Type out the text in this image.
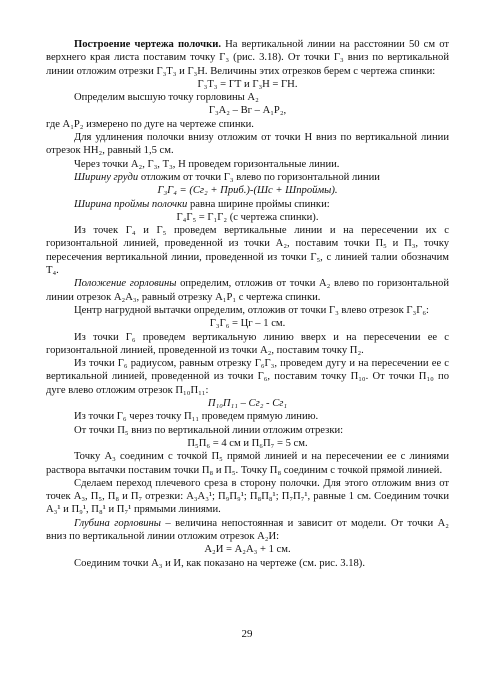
Построение чертежа полочки. На вертикальной линии на расстоянии 50 см от верхнего края листа поставим точку Г₃ (рис. 3.18). От точки Г₃ вниз по вертикальной линии отложим отрезки Г₃Т₃ и Г₃Н. Величины этих отрезков берем с чертежа спинки:

Г₃Т₃ = ГТ и Г₃Н = ГН.

Определим высшую точку горловины А₂

Г₃А₂ – Вг – А₁Р₂,

где А₁Р₂ измерено по дуге на чертеже спинки.

Для удлинения полочки внизу отложим от точки Н вниз по вертикальной линии отрезок НН₂, равный 1,5 см.

Через точки А₂, Г₃, Т₃, Н проведем горизонтальные линии.

Ширину груди отложим от точки Г₃ влево по горизонтальной линии

Г₃Г₄ = (Сг₂ + Приб.)-(Шс + Шпроймы).

Ширина проймы полочки равна ширине проймы спинки:

Г₄Г₅ = Г₁Г₂ (с чертежа спинки).

Из точек Г₄ и Г₅ проведем вертикальные линии и на пересечении их с горизонтальной линией, проведенной из точки А₂, поставим точки П₅ и П₃, точку пересечения вертикальной линии, проведенной из точки Г₅, с линией талии обозначим Т₄.

Положение горловины определим, отложив от точки А₂ влево по горизонтальной линии отрезок А₂А₃, равный отрезку А₁Р₁ с чертежа спинки.

Центр нагрудной вытачки определим, отложив от точки Г₃ влево отрезок Г₃Г₆:

Г₃Г₆ = Цг – 1 см.

Из точки Г₆ проведем вертикальную линию вверх и на пересечении ее с горизонтальной линией, проведенной из точки А₂, поставим точку П₂.

Из точки Г₆ радиусом, равным отрезку Г₆Г₃, проведем дугу и на пересечении ее с вертикальной линией, проведенной из точки Г₆, поставим точку П₁₀. От точки П₁₀ по дуге влево отложим отрезок П₁₀П₁₁:

П₁₀П₁₁ – Сг₂ - Сг₁

Из точки Г₆ через точку П₁₁ проведем прямую линию.

От точки П₅ вниз по вертикальной линии отложим отрезки:

П₅П₆ = 4 см и П₆П₇ = 5 см.

Точку А₃ соединим с точкой П₅ прямой линией и на пересечении ее с линиями раствора вытачки поставим точки П₈ и П₅. Точку П₈ соединим с точкой прямой линией.

Сделаем переход плечевого среза в сторону полочки. Для этого отложим вниз от точек А₃, П₅, П₈ и П₇ отрезки: А₃А₃¹; П₉П₉¹; П₈П₈¹; П₇П₇¹, равные 1 см. Соединим точки А₃¹ и П₉¹, П₈¹ и П₇¹ прямыми линиями.

Глубина горловины – величина непостоянная и зависит от модели. От точки А₂ вниз по вертикальной линии отложим отрезок А₂И:

А₂И = А₂А₃ + 1 см.

Соединим точки А₃ и И, как показано на чертеже (см. рис. 3.18).

29
